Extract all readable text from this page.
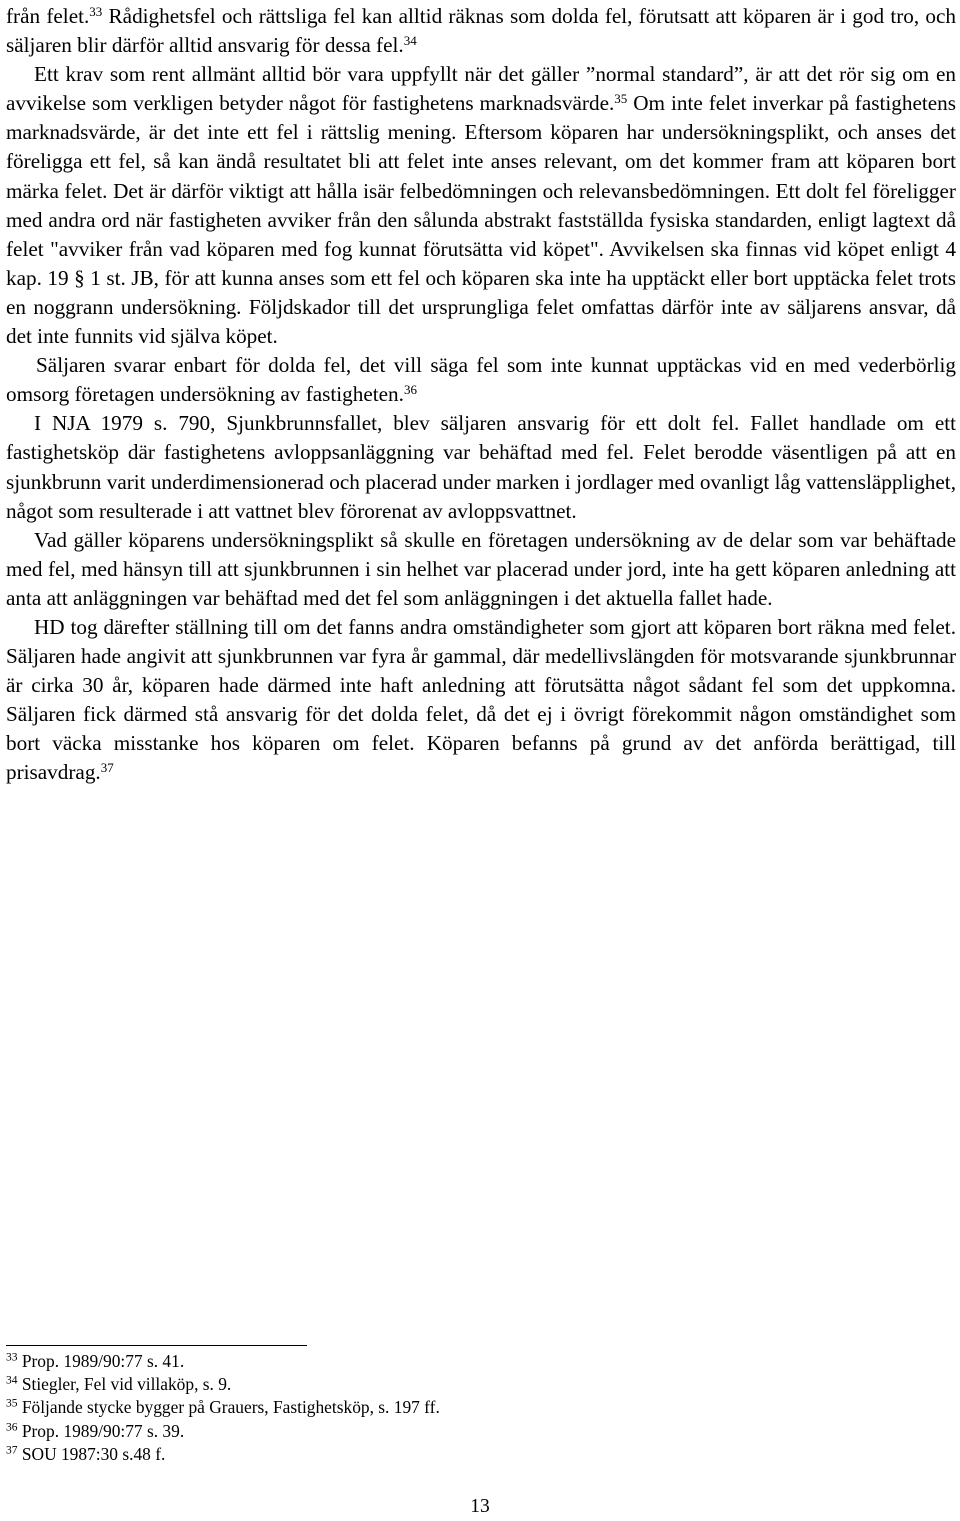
från felet.$^{33}$ Rådighetsfel och rättsliga fel kan alltid räknas som dolda fel, förutsatt att köparen är i god tro, och säljaren blir därför alltid ansvarig för dessa fel.$^{34}$

Ett krav som rent allmänt alltid bör vara uppfyllt när det gäller ”normal standard”, är att det rör sig om en avvikelse som verkligen betyder något för fastighetens marknadsvärde.$^{35}$ Om inte felet inverkar på fastighetens marknadsvärde, är det inte ett fel i rättslig mening. Eftersom köparen har undersökningsplikt, och anses det föreligga ett fel, så kan ändå resultatet bli att felet inte anses relevant, om det kommer fram att köparen bort märka felet. Det är därför viktigt att hålla isär felbedömningen och relevansbedömningen. Ett dolt fel föreligger med andra ord när fastigheten avviker från den sålunda abstrakt fastställda fysiska standarden, enligt lagtext då felet "avviker från vad köparen med fog kunnat förutsätta vid köpet". Avvikelsen ska finnas vid köpet enligt 4 kap. 19 § 1 st. JB, för att kunna anses som ett fel och köparen ska inte ha upptäckt eller bort upptäcka felet trots en noggrann undersökning. Följdskador till det ursprungliga felet omfattas därför inte av säljarens ansvar, då det inte funnits vid själva köpet.

Säljaren svarar enbart för dolda fel, det vill säga fel som inte kunnat upptäckas vid en med vederbörlig omsorg företagen undersökning av fastigheten.$^{36}$

I NJA 1979 s. 790, Sjunkbrunnsfallet, blev säljaren ansvarig för ett dolt fel. Fallet handlade om ett fastighetsköp där fastighetens avloppsanläggning var behäftad med fel. Felet berodde väsentligen på att en sjunkbrunn varit underdimensionerad och placerad under marken i jordlager med ovanligt låg vattensläpplighet, något som resulterade i att vattnet blev förorenat av avloppsvattnet.

Vad gäller köparens undersökningsplikt så skulle en företagen undersökning av de delar som var behäftade med fel, med hänsyn till att sjunkbrunnen i sin helhet var placerad under jord, inte ha gett köparen anledning att anta att anläggningen var behäftad med det fel som anläggningen i det aktuella fallet hade.

HD tog därefter ställning till om det fanns andra omständigheter som gjort att köparen bort räkna med felet. Säljaren hade angivit att sjunkbrunnen var fyra år gammal, där medellivslängden för motsvarande sjunkbrunnar är cirka 30 år, köparen hade därmed inte haft anledning att förutsätta något sådant fel som det uppkomna. Säljaren fick därmed stå ansvarig för det dolda felet, då det ej i övrigt förekommit någon omständighet som bort väcka misstanke hos köparen om felet. Köparen befanns på grund av det anförda berättigad, till prisavdrag.$^{37}$

$^{33}$ Prop. 1989/90:77 s. 41.
$^{34}$ Stiegler, Fel vid villaköp, s. 9.
$^{35}$ Följande stycke bygger på Grauers, Fastighetsköp, s. 197 ff.
$^{36}$ Prop. 1989/90:77 s. 39.
$^{37}$ SOU 1987:30 s.48 f.
13
